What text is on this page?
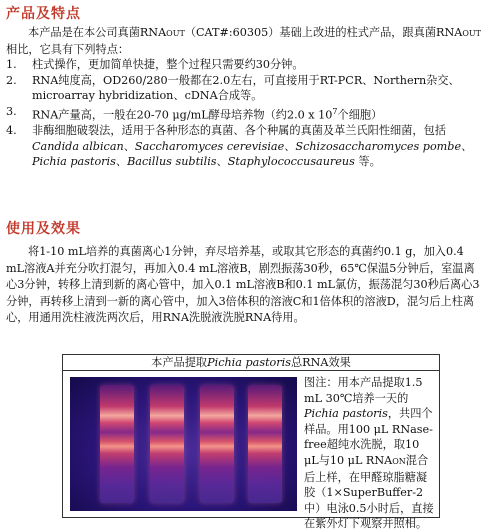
产品及特点
本产品是在本公司真菌RNAOUT（CAT#:60305）基础上改进的柱式产品，跟真菌RNAOUT相比，它具有下列特点：
1.	柱式操作，更加简单快捷，整个过程只需要约30分钟。
2.	RNA纯度高，OD260/280一般都在2.0左右，可直接用于RT-PCR、Northern杂交、microarray hybridization、cDNA合成等。
3.	RNA产量高，一般在20-70 μg/mL酵母培养物（约2.0 x $10^7$个细胞）
4.	非酶细胞破裂法，适用于各种形态的真菌、各个种属的真菌及革兰氏阳性细菌，包括Candida albican、Saccharomyces cerevisiae、Schizosaccharomyces pombe、Pichia pastoris、Bacillus subtilis、Staphylococcusaureus 等。
使用及效果
将1-10 mL培养的真菌离心1分钟，弃尽培养基，或取其它形态的真菌约0.1 g，加入0.4 mL溶液A并充分吹打混匀，再加入0.4 mL溶液B，剧烈振荡30秒，65℃保温5分钟后，室温离心3分钟，转移上清到新的离心管中，加入0.1 mL溶液B和0.1 mL氯仿，振荡混匀30秒后离心3分钟，再转移上清到一新的离心管中，加入3倍体积的溶液C和1倍体积的溶液D，混匀后上柱离心，用通用洗柱液洗两次后，用RNA洗脱液洗脱RNA待用。
本产品提取Pichia pastoris总RNA效果
图注：用本产品提取1.5 mL 30℃培养一天的Pichia pastoris，共四个样品。用100 μL RNase-free超纯水洗脱，取10 μL与10 μL RNAON混合后上样，在甲醛琼脂糖凝胶（1×SuperBuffer-2中）电泳0.5小时后，直接在紫外灯下观察并照相。
